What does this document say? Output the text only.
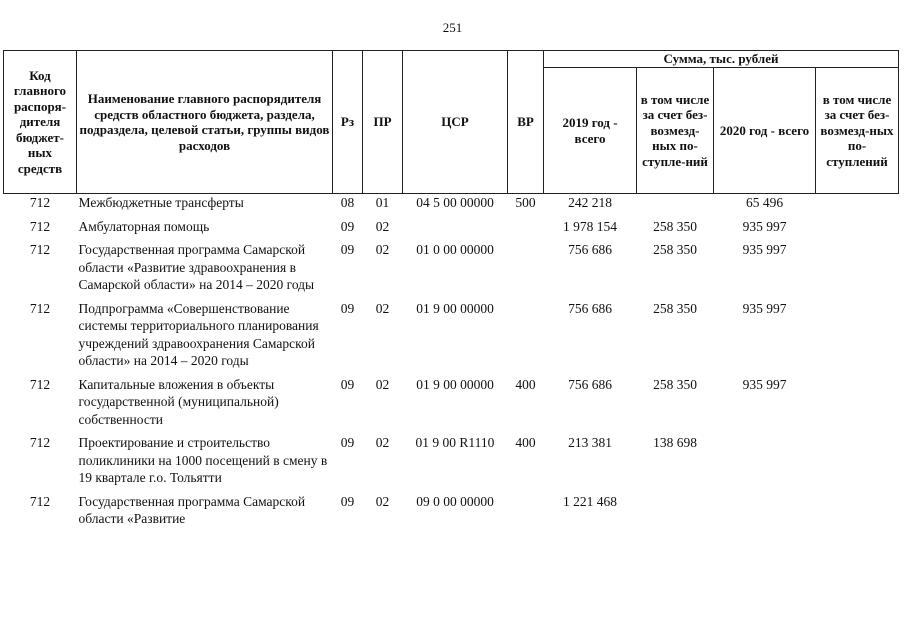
251
Код главного распоря-дителя бюджет-ных средств	Наименование главного распорядителя средств областного бюджета, раздела, подраздела, целевой статьи, группы видов расходов	Рз	ПР	ЦСР	ВР	Сумма, тыс. рублей			
						2019 год - всего	в том числе за счет без-возмезд-ных по-ступле-ний	2020 год - всего	в том числе за счет без-возмезд-ных по-ступлений
712	Межбюджетные трансферты	08	01	04 5 00 00000	500	242 218		65 496	
712	Амбулаторная помощь	09	02			1 978 154	258 350	935 997	
712	Государственная программа Самарской области «Развитие здравоохранения в Самарской области» на 2014 – 2020 годы	09	02	01 0 00 00000		756 686	258 350	935 997	
712	Подпрограмма «Совершенствование системы территориального планирования учреждений здравоохранения Самарской области» на 2014 – 2020 годы	09	02	01 9 00 00000		756 686	258 350	935 997	
712	Капитальные вложения в объекты государственной (муниципальной) собственности	09	02	01 9 00 00000	400	756 686	258 350	935 997	
712	Проектирование и строительство поликлиники на 1000 посещений в смену в 19 квартале г.о. Тольятти	09	02	01 9 00 R1110	400	213 381	138 698		
712	Государственная программа Самарской области «Развитие	09	02	09 0 00 00000		1 221 468			
